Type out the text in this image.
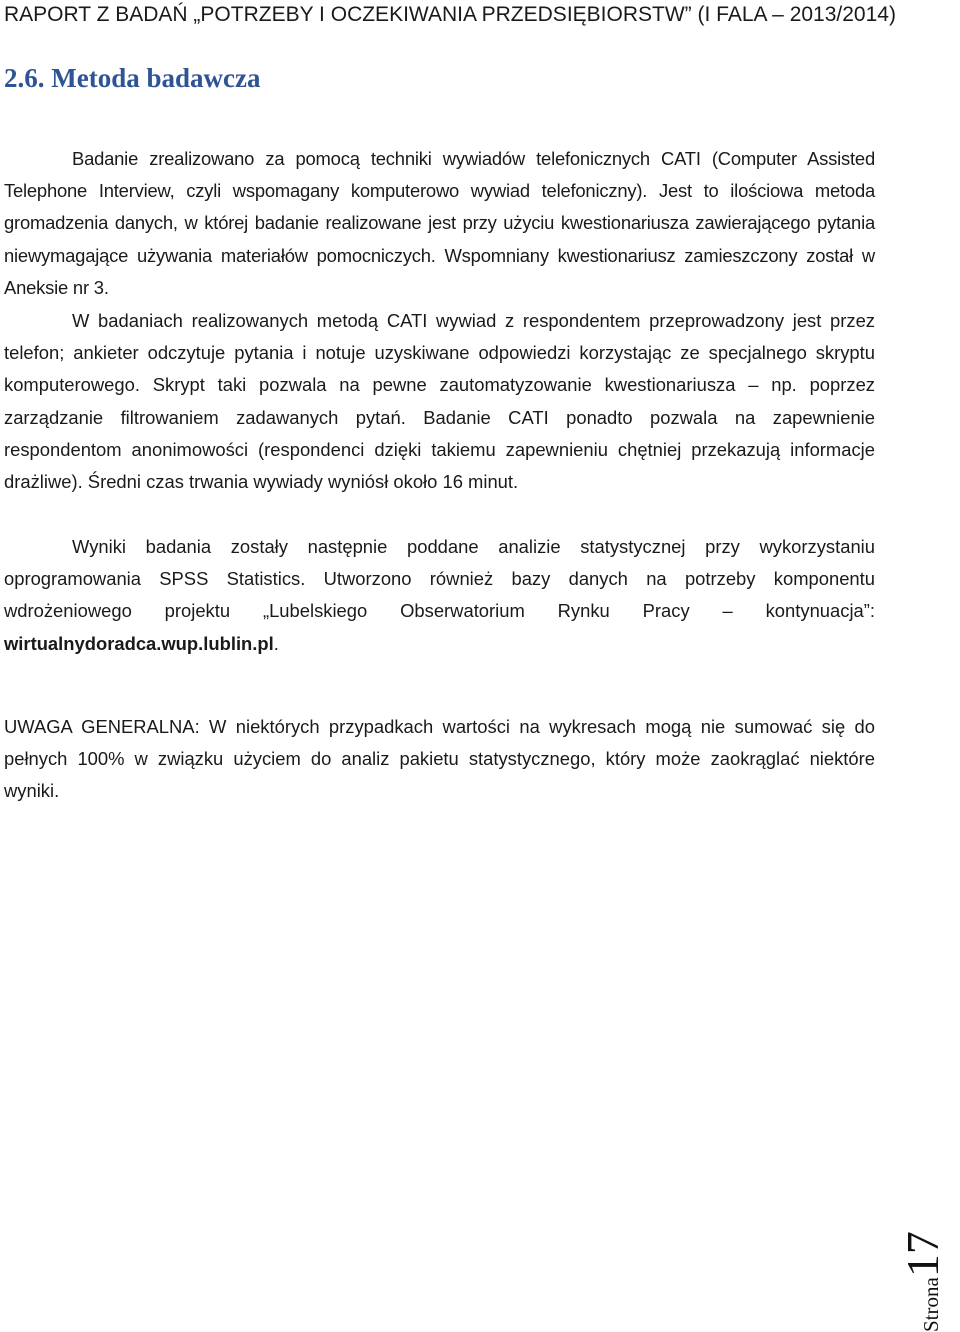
RAPORT Z BADAŃ „POTRZEBY I OCZEKIWANIA PRZEDSIĘBIORSTW” (I FALA – 2013/2014)
2.6. Metoda badawcza

Badanie zrealizowano za pomocą techniki wywiadów telefonicznych CATI (Computer Assisted Telephone Interview, czyli wspomagany komputerowo wywiad telefoniczny). Jest to ilościowa metoda gromadzenia danych, w której badanie realizowane jest przy użyciu kwestionariusza zawierającego pytania niewymagające używania materiałów pomocniczych. Wspomniany kwestionariusz zamieszczony został w Aneksie nr 3.

W badaniach realizowanych metodą CATI wywiad z respondentem przeprowadzony jest przez telefon; ankieter odczytuje pytania i notuje uzyskiwane odpowiedzi korzystając ze specjalnego skryptu komputerowego. Skrypt taki pozwala na pewne zautomatyzowanie kwestionariusza – np. poprzez zarządzanie filtrowaniem zadawanych pytań. Badanie CATI ponadto pozwala na zapewnienie respondentom anonimowości (respondenci dzięki takiemu zapewnieniu chętniej przekazują informacje drażliwe). Średni czas trwania wywiady wyniósł około 16 minut.

Wyniki badania zostały następnie poddane analizie statystycznej przy wykorzystaniu oprogramowania SPSS Statistics. Utworzono również bazy danych na potrzeby komponentu wdrożeniowego projektu „Lubelskiego Obserwatorium Rynku Pracy – kontynuacja”: wirtualnydoradca.wup.lublin.pl.

UWAGA GENERALNA: W niektórych przypadkach wartości na wykresach mogą nie sumować się do pełnych 100% w związku użyciem do analiz pakietu statystycznego, który może zaokrąglać niektóre wyniki.

Strona17
